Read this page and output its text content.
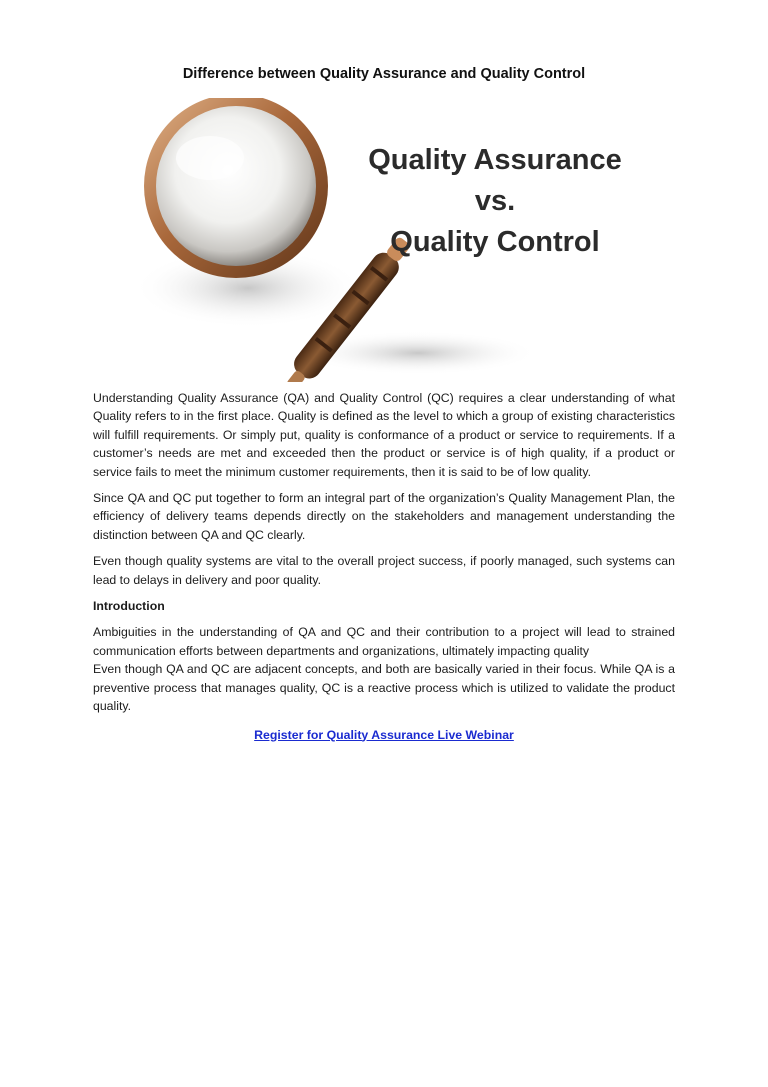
Difference between Quality Assurance and Quality Control
Quality Assurance
vs.
Quality Control

Understanding Quality Assurance (QA) and Quality Control (QC) requires a clear understanding of what Quality refers to in the first place. Quality is defined as the level to which a group of existing characteristics will fulfill requirements. Or simply put, quality is conformance of a product or service to requirements. If a customer’s needs are met and exceeded then the product or service is of high quality, if a product or service fails to meet the minimum customer requirements, then it is said to be of low quality.

Since QA and QC put together to form an integral part of the organization’s Quality Management Plan, the efficiency of delivery teams depends directly on the stakeholders and management understanding the distinction between QA and QC clearly.

Even though quality systems are vital to the overall project success, if poorly managed, such systems can lead to delays in delivery and poor quality.

Introduction

Ambiguities in the understanding of QA and QC and their contribution to a project will lead to strained communication efforts between departments and organizations, ultimately impacting quality

Even though QA and QC are adjacent concepts, and both are basically varied in their focus. While QA is a preventive process that manages quality, QC is a reactive process which is utilized to validate the product quality.

Register for Quality Assurance Live Webinar
